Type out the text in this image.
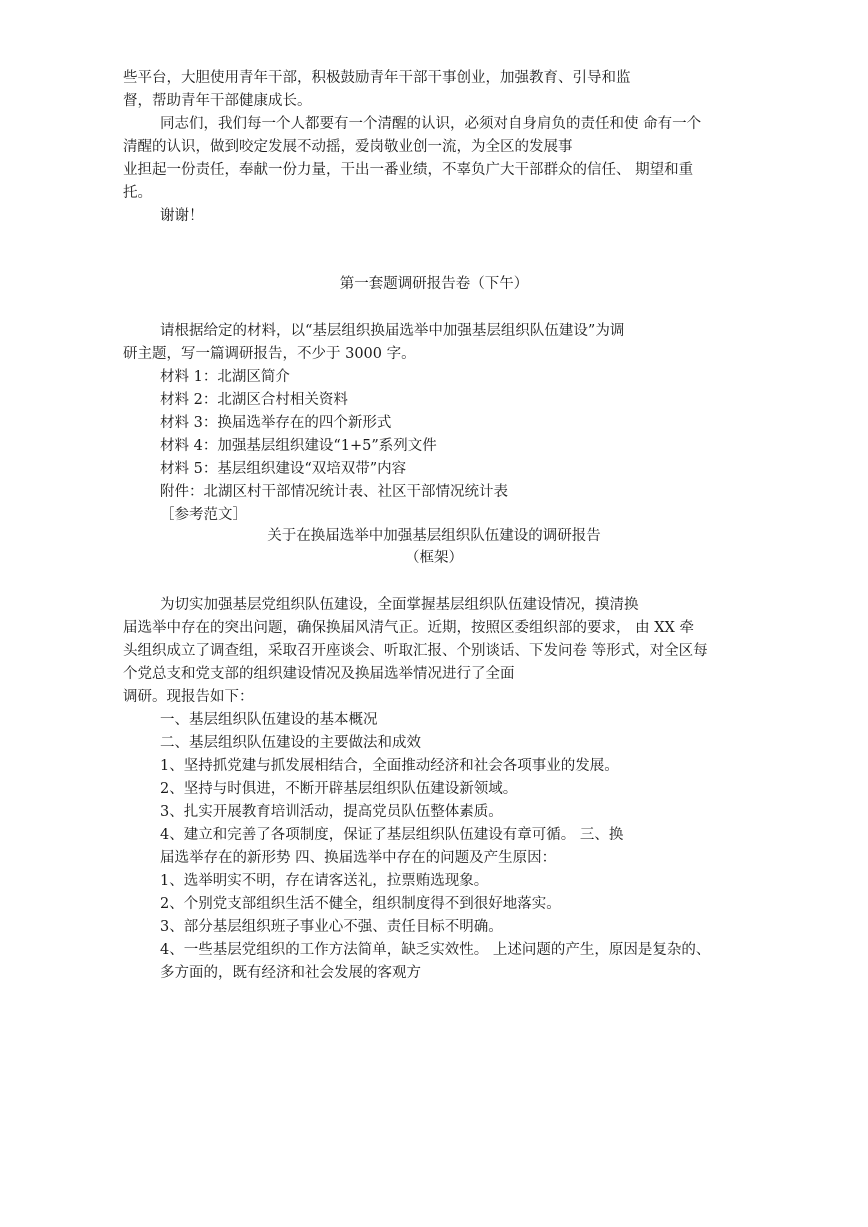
些平台，大胆使用青年干部，积极鼓励青年干部干事创业，加强教育、引导和监
督，帮助青年干部健康成长。
同志们，我们每一个人都要有一个清醒的认识，必须对自身肩负的责任和使 命有一个
清醒的认识，做到咬定发展不动摇，爱岗敬业创一流，为全区的发展事
业担起一份责任，奉献一份力量，干出一番业绩，不辜负广大干部群众的信任、 期望和重
托。
谢谢！
第一套题调研报告卷（下午）
请根据给定的材料，以“基层组织换届选举中加强基层组织队伍建设”为调
研主题，写一篇调研报告，不少于 3000 字。
材料 1：北湖区简介
材料 2：北湖区合村相关资料
材料 3：换届选举存在的四个新形式
材料 4：加强基层组织建设“1+5”系列文件
材料 5：基层组织建设“双培双带”内容
附件：北湖区村干部情况统计表、社区干部情况统计表
［参考范文］
关于在换届选举中加强基层组织队伍建设的调研报告
（框架）
为切实加强基层党组织队伍建设，全面掌握基层组织队伍建设情况，摸清换
届选举中存在的突出问题，确保换届风清气正。近期，按照区委组织部的要求， 由 XX 牵
头组织成立了调查组，采取召开座谈会、听取汇报、个别谈话、下发问卷 等形式，对全区每
个党总支和党支部的组织建设情况及换届选举情况进行了全面
调研。现报告如下：
一、基层组织队伍建设的基本概况
二、基层组织队伍建设的主要做法和成效
1、坚持抓党建与抓发展相结合，全面推动经济和社会各项事业的发展。
2、坚持与时俱进，不断开辟基层组织队伍建设新领域。
3、扎实开展教育培训活动，提高党员队伍整体素质。
4、建立和完善了各项制度，保证了基层组织队伍建设有章可循。 三、换
届选举存在的新形势 四、换届选举中存在的问题及产生原因：
1、选举明实不明，存在请客送礼，拉票贿选现象。
2、个别党支部组织生活不健全，组织制度得不到很好地落实。
3、部分基层组织班子事业心不强、责任目标不明确。
4、一些基层党组织的工作方法简单，缺乏实效性。 上述问题的产生，原因是复杂的、
多方面的，既有经济和社会发展的客观方
